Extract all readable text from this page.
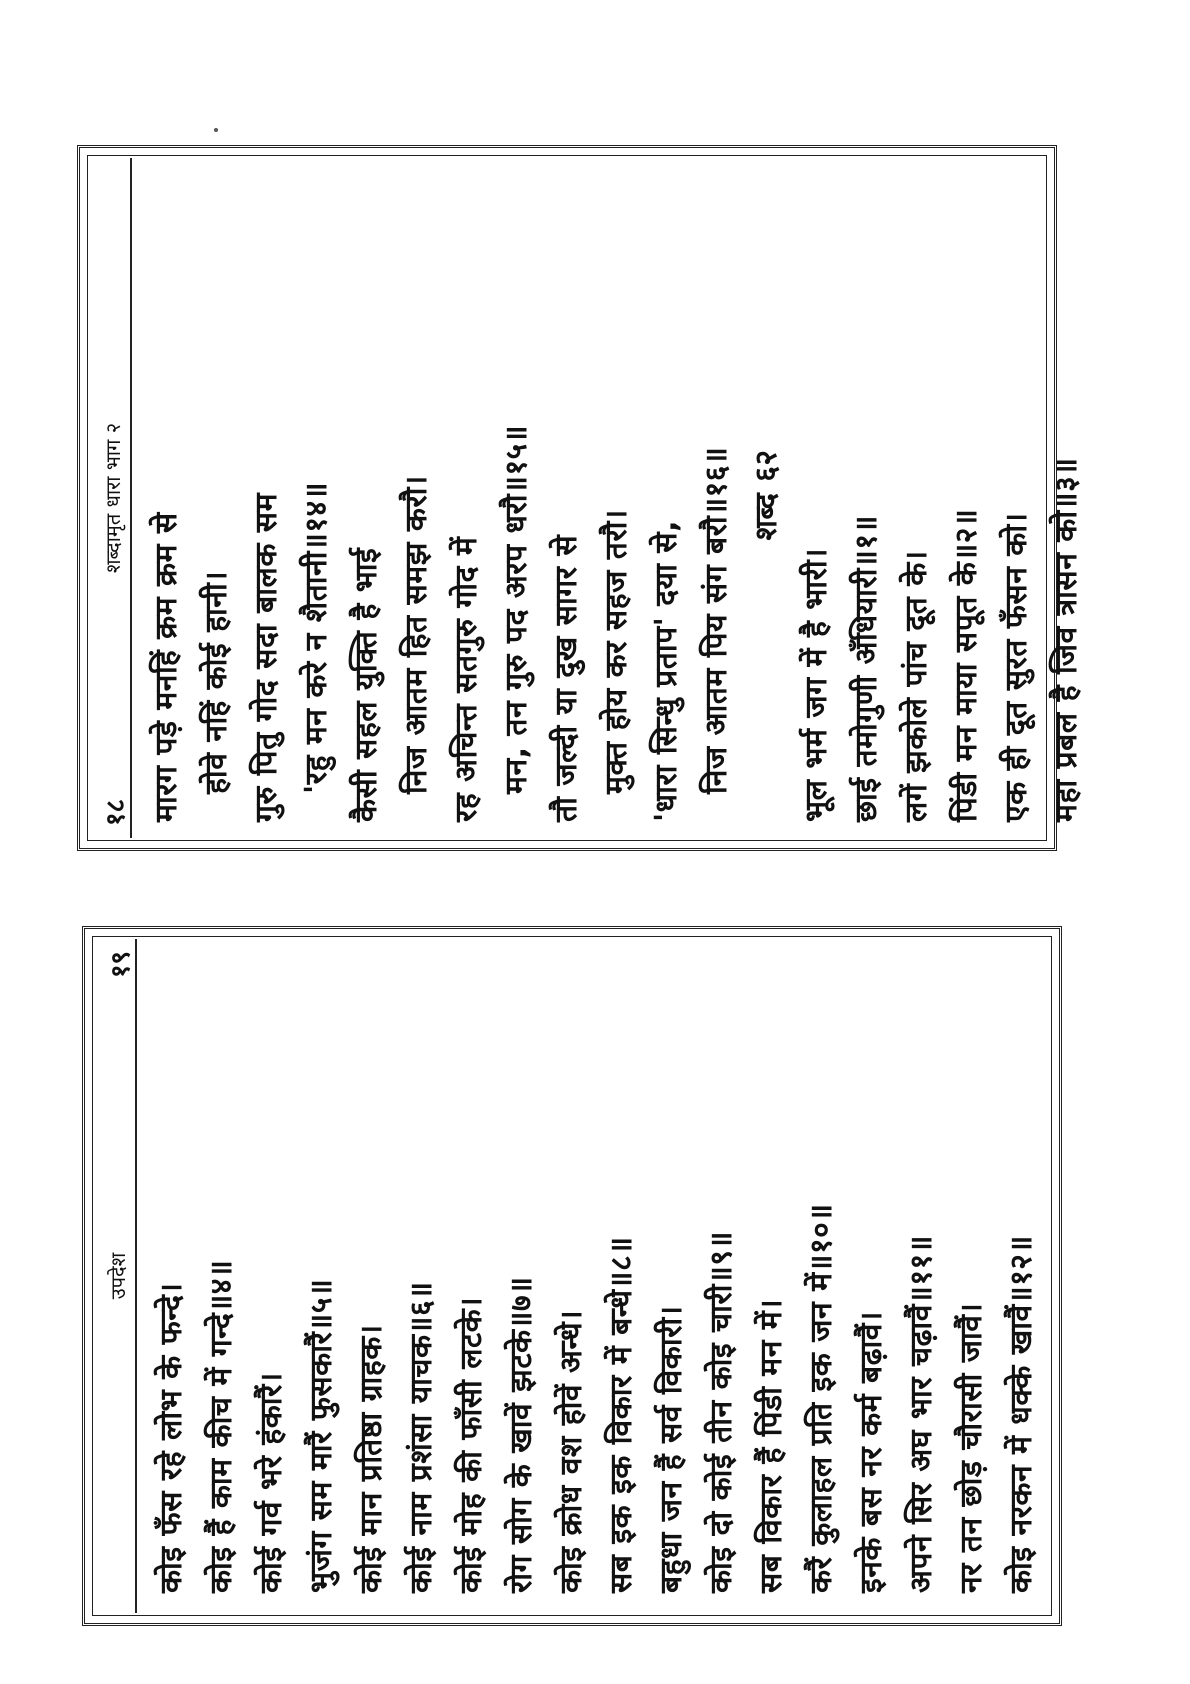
१८
शब्दामृत धारा भाग २
मारग पड़े मनहिं क्रम क्रम से होवे नहिं कोई हानी। गुरु पितु गोद सदा बालक सम 'रहु मन करे न शैतानी॥१४॥ कैसी सहल युक्ति है भाई निज आतम हित समझ करौ। रह अचिन्त सतगुरु गोद में मन, तन गुरु पद अरप धरौ॥१५॥ तौ जल्दी या दुख सागर से मुक्त होय कर सहज तरौ। 'धारा सिन्धु प्रताप' दया से, निज आतम पिय संग बरौ॥१६॥ शब्द ६२
भूल भर्म जग में है भारी। छाई तमोगुणी अँधियारी॥१॥ लगें झकोले पांच दूत के। पिंडी मन माया सपूत के॥२॥ एक ही दूत सुरत फँसन को। महा प्रबल है जिव त्रासन को॥३॥
उपदेश
१९
कोइ फँस रहे लोभ के फन्दे। कोइ हैं काम कीच में गन्दे॥४॥ कोई गर्व भरे हंकारैं। भुजंग सम मारैं फुसकारैं॥५॥ कोई मान प्रतिष्ठा ग्राहक। कोई नाम प्रशंसा याचक॥६॥ कोई मोह की फाँसी लटके। रोग सोग के खावें झटके॥७॥ कोइ क्रोध वश होवें अन्धे। सब इक इक विकार में बन्धे॥८॥ बहुधा जन हैं सर्व विकारी। कोइ दो कोई तीन कोइ चारी॥९॥ सब विकार हैं पिंडी मन में। करैं कुलाहल प्रति इक जन में॥१०॥ इनके बस नर कर्म बढ़ावैं। अपने सिर अघ भार चढ़ावैं॥११॥ नर तन छोड़ चौरासी जावैं। कोइ नरकन में धक्के खावैं॥१२॥
